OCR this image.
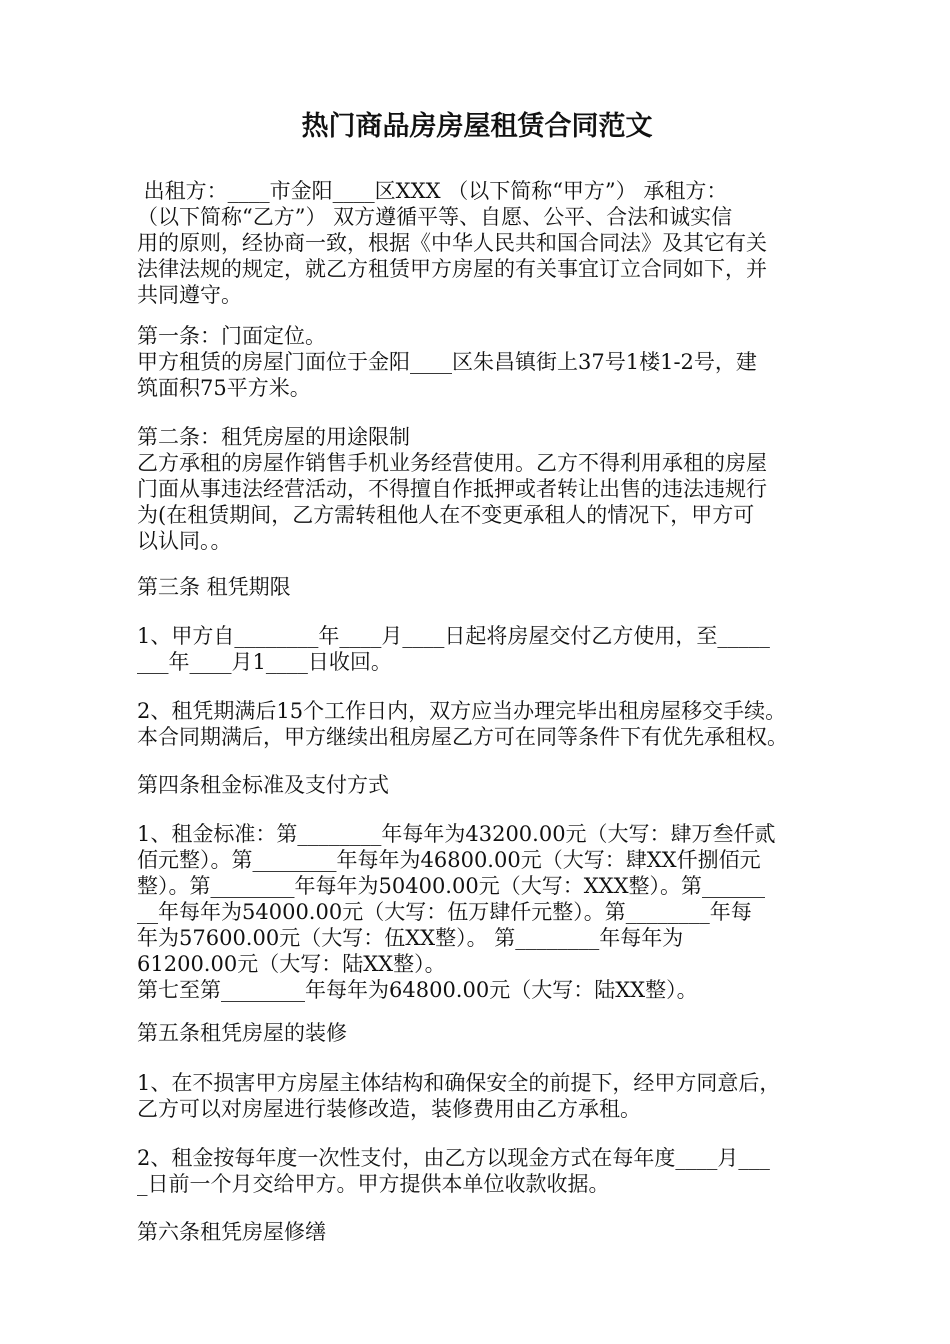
热门商品房房屋租赁合同范文
出租方：____市金阳____区XXX （以下简称“甲方”） 承租方：
（以下简称“乙方”） 双方遵循平等、自愿、公平、合法和诚实信
用的原则，经协商一致，根据《中华人民共和国合同法》及其它有关
法律法规的规定，就乙方租赁甲方房屋的有关事宜订立合同如下，并
共同遵守。
第一条：门面定位。
甲方租赁的房屋门面位于金阳____区朱昌镇街上37号1楼1-2号，建
筑面积75平方米。
第二条：租凭房屋的用途限制
乙方承租的房屋作销售手机业务经营使用。乙方不得利用承租的房屋
门面从事违法经营活动，不得擅自作抵押或者转让出售的违法违规行
为(在租赁期间，乙方需转租他人在不变更承租人的情况下，甲方可
以认同。。
第三条 租凭期限
1、甲方自________年____月____日起将房屋交付乙方使用，至_____
___年____月1____日收回。
2、租凭期满后15个工作日内，双方应当办理完毕出租房屋移交手续。
本合同期满后，甲方继续出租房屋乙方可在同等条件下有优先承租权。
第四条租金标准及支付方式
1、租金标准：第________年每年为43200.00元（大写：肆万叁仟贰
佰元整）。第________年每年为46800.00元（大写：肆XX仟捌佰元
整）。第________年每年为50400.00元（大写：XXX整）。第______
__年每年为54000.00元（大写：伍万肆仟元整）。第________年每
年为57600.00元（大写：伍XX整）。 第________年每年为
61200.00元（大写：陆XX整）。
第七至第________年每年为64800.00元（大写：陆XX整）。
第五条租凭房屋的装修
1、在不损害甲方房屋主体结构和确保安全的前提下，经甲方同意后，
乙方可以对房屋进行装修改造，装修费用由乙方承租。
2、租金按每年度一次性支付，由乙方以现金方式在每年度____月___
_日前一个月交给甲方。甲方提供本单位收款收据。
第六条租凭房屋修缮
